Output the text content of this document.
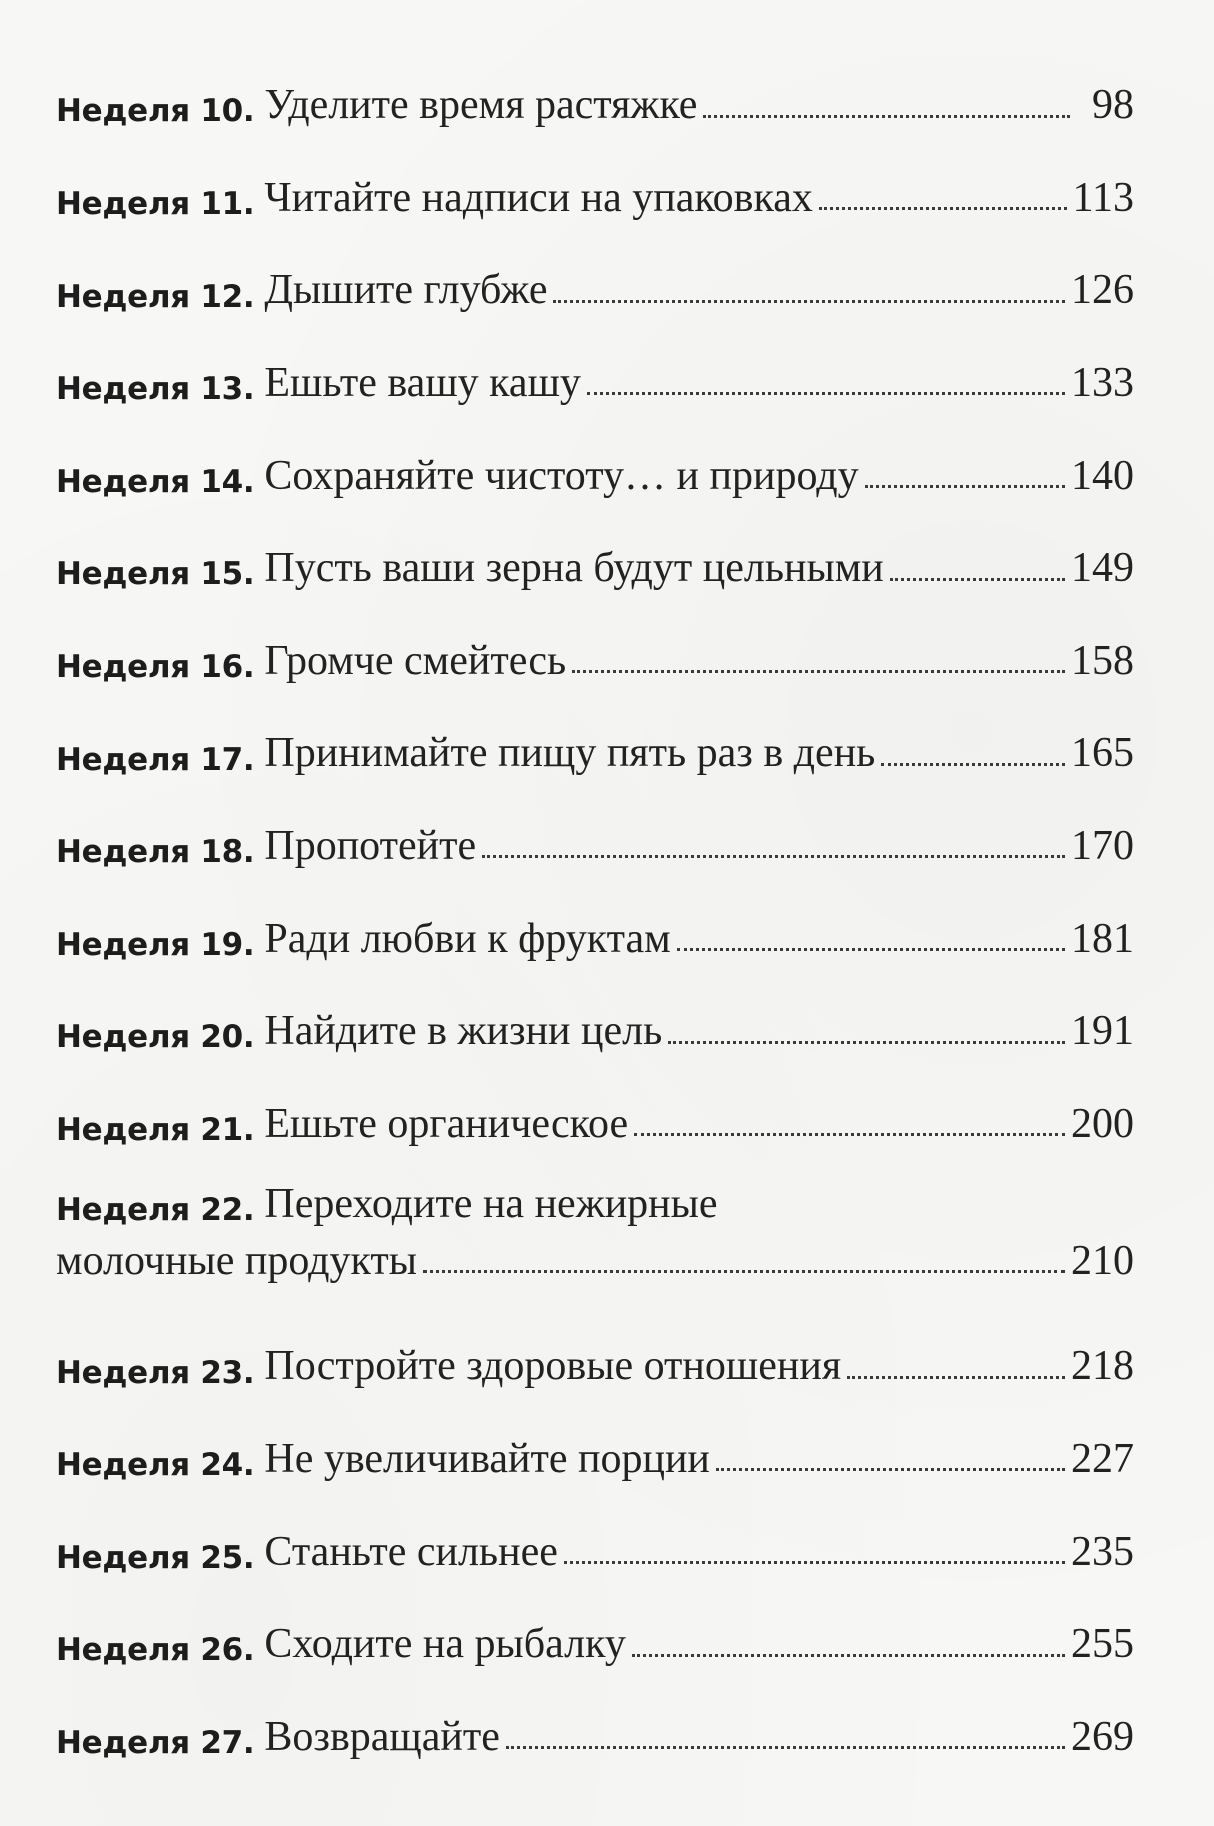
Неделя 10. Уделите время растяжке	98
Неделя 11. Читайте надписи на упаковках	113
Неделя 12. Дышите глубже	126
Неделя 13. Ешьте вашу кашу	133
Неделя 14. Сохраняйте чистоту… и природу	140
Неделя 15. Пусть ваши зерна будут цельными	149
Неделя 16. Громче смейтесь	158
Неделя 17. Принимайте пищу пять раз в день	165
Неделя 18. Пропотейте	170
Неделя 19. Ради любви к фруктам	181
Неделя 20. Найдите в жизни цель	191
Неделя 21. Ешьте органическое	200
Неделя 22. Переходите на нежирные
молочные продукты	210
Неделя 23. Постройте здоровые отношения	218
Неделя 24. Не увеличивайте порции	227
Неделя 25. Станьте сильнее	235
Неделя 26. Сходите на рыбалку	255
Неделя 27. Возвращайте	269
